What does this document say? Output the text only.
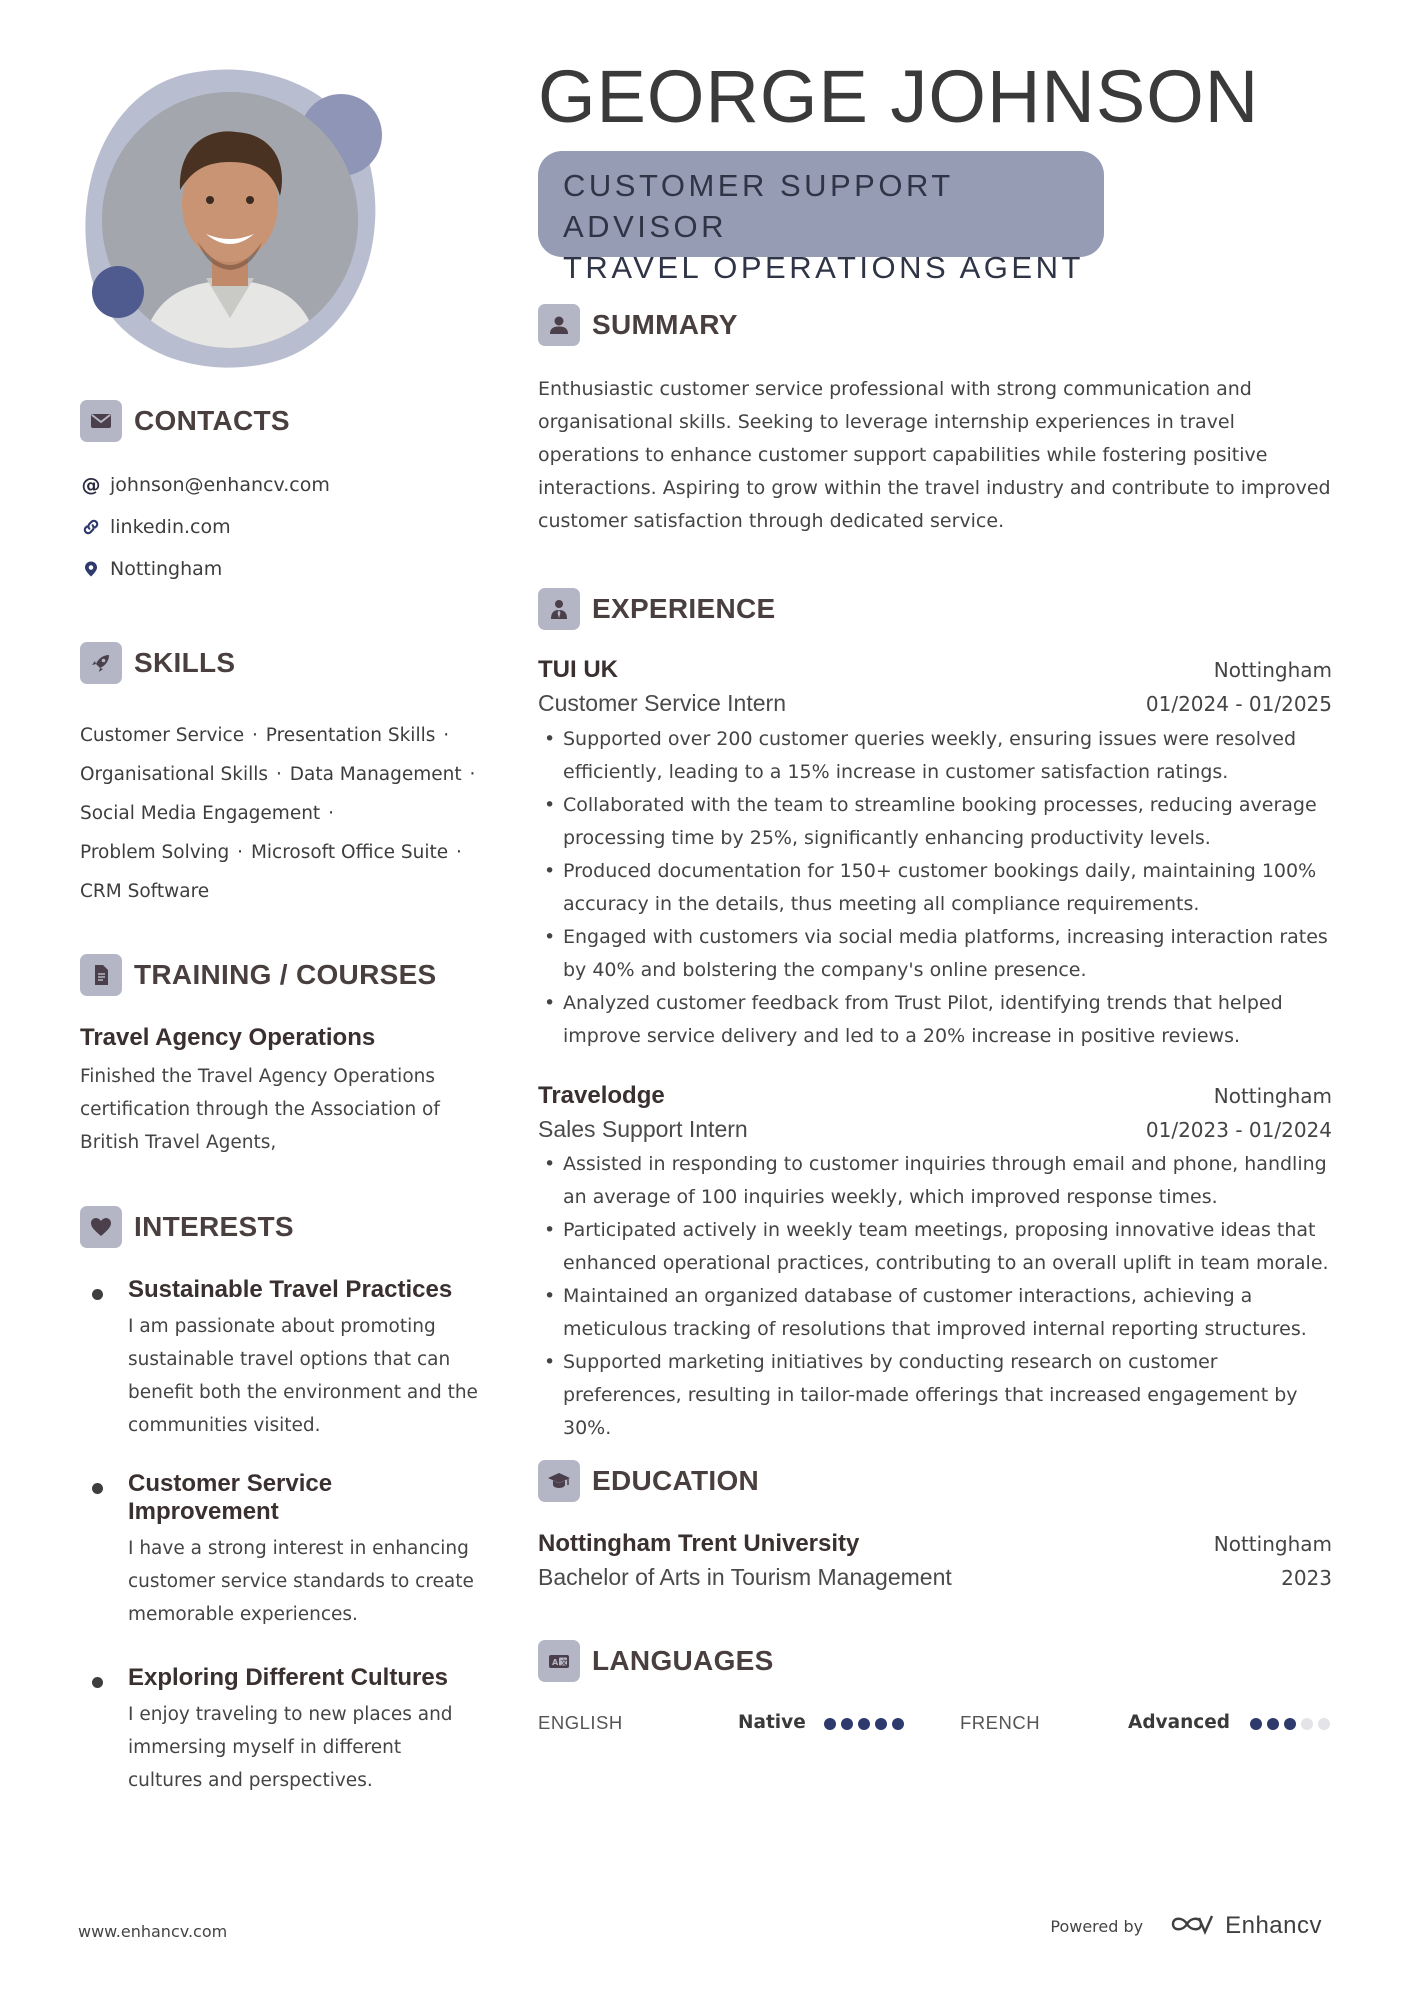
GEORGE JOHNSON
CUSTOMER SUPPORT ADVISOR
TRAVEL OPERATIONS AGENT
CONTACTS
@ johnson@enhancv.com
linkedin.com
Nottingham
SKILLS
Customer Service · Presentation Skills ·
Organisational Skills · Data Management ·
Social Media Engagement ·
Problem Solving · Microsoft Office Suite ·
CRM Software
TRAINING / COURSES
Travel Agency Operations
Finished the Travel Agency Operations certification through the Association of British Travel Agents,
INTERESTS
Sustainable Travel Practices
I am passionate about promoting sustainable travel options that can benefit both the environment and the communities visited.
Customer Service Improvement
I have a strong interest in enhancing customer service standards to create memorable experiences.
Exploring Different Cultures
I enjoy traveling to new places and immersing myself in different cultures and perspectives.
SUMMARY
Enthusiastic customer service professional with strong communication and organisational skills. Seeking to leverage internship experiences in travel operations to enhance customer support capabilities while fostering positive interactions. Aspiring to grow within the travel industry and contribute to improved customer satisfaction through dedicated service.
EXPERIENCE
TUI UK	Nottingham
Customer Service Intern	01/2024 - 01/2025
• Supported over 200 customer queries weekly, ensuring issues were resolved efficiently, leading to a 15% increase in customer satisfaction ratings.
• Collaborated with the team to streamline booking processes, reducing average processing time by 25%, significantly enhancing productivity levels.
• Produced documentation for 150+ customer bookings daily, maintaining 100% accuracy in the details, thus meeting all compliance requirements.
• Engaged with customers via social media platforms, increasing interaction rates by 40% and bolstering the company's online presence.
• Analyzed customer feedback from Trust Pilot, identifying trends that helped improve service delivery and led to a 20% increase in positive reviews.
Travelodge	Nottingham
Sales Support Intern	01/2023 - 01/2024
• Assisted in responding to customer inquiries through email and phone, handling an average of 100 inquiries weekly, which improved response times.
• Participated actively in weekly team meetings, proposing innovative ideas that enhanced operational practices, contributing to an overall uplift in team morale.
• Maintained an organized database of customer interactions, achieving a meticulous tracking of resolutions that improved internal reporting structures.
• Supported marketing initiatives by conducting research on customer preferences, resulting in tailor-made offerings that increased engagement by 30%.
EDUCATION
Nottingham Trent University	Nottingham
Bachelor of Arts in Tourism Management	2023
A 文 LANGUAGES
ENGLISH	Native	FRENCH	Advanced
www.enhancv.com	Powered by	Enhancv
